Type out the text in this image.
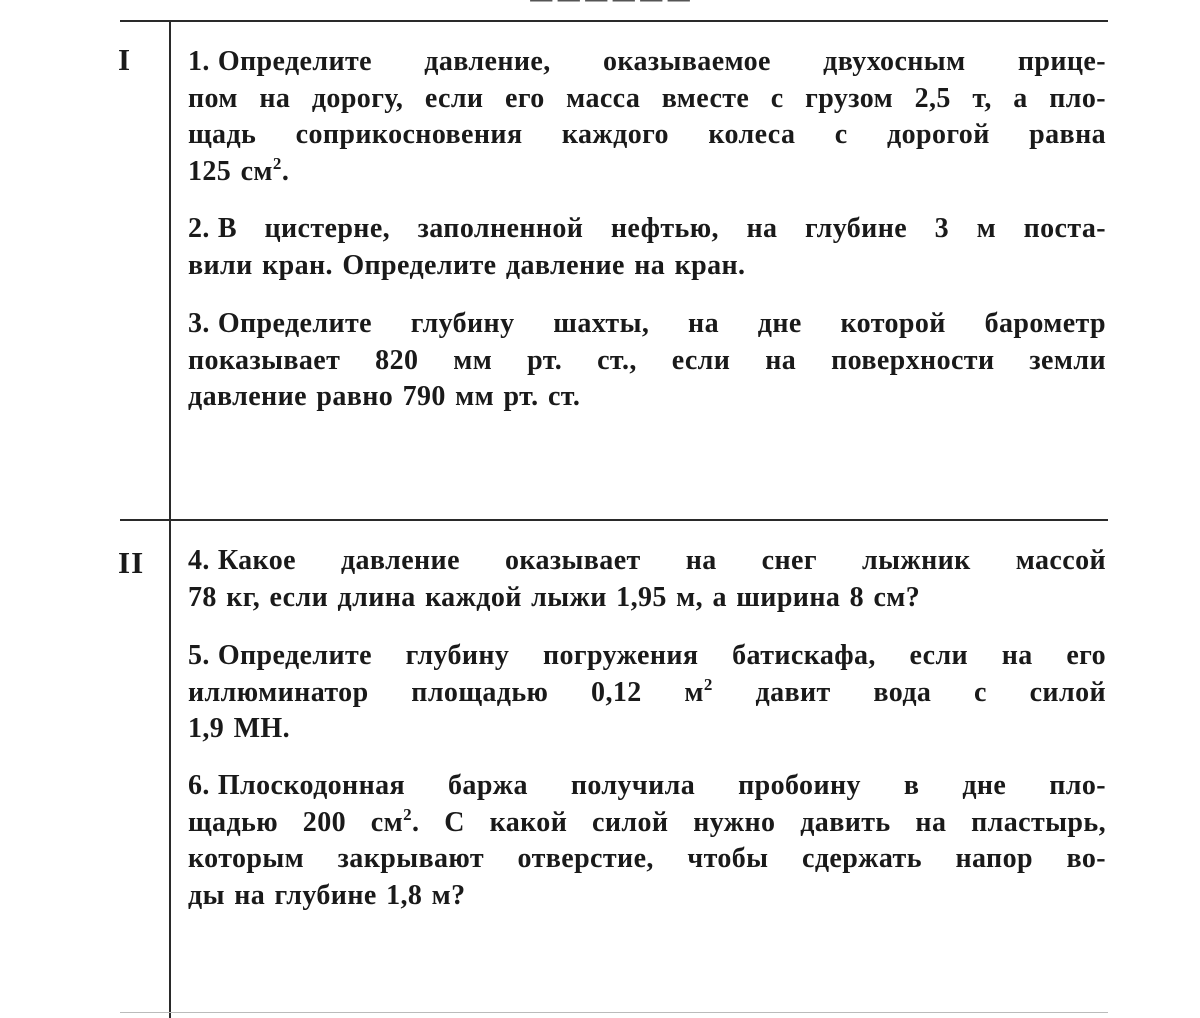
I 1. Определите давление, оказываемое двухосным прице-
пом на дорогу, если его масса вместе с грузом 2,5 т, а пло-
щадь соприкосновения каждого колеса с дорогой равна
125 $см^2$.
2. В цистерне, заполненной нефтью, на глубине 3 м поста-
вили кран. Определите давление на кран.
3. Определите глубину шахты, на дне которой барометр
показывает 820 мм рт. ст., если на поверхности земли
давление равно 790 мм рт. ст.
II 4. Какое давление оказывает на снег лыжник массой
78 кг, если длина каждой лыжи 1,95 м, а ширина 8 см?
5. Определите глубину погружения батискафа, если на его
иллюминатор площадью 0,12 $м^2$ давит вода с силой
1,9 МН.
6. Плоскодонная баржа получила пробоину в дне пло-
щадью 200 $см^2$. С какой силой нужно давить на пластырь,
которым закрывают отверстие, чтобы сдержать напор во-
ды на глубине 1,8 м?
